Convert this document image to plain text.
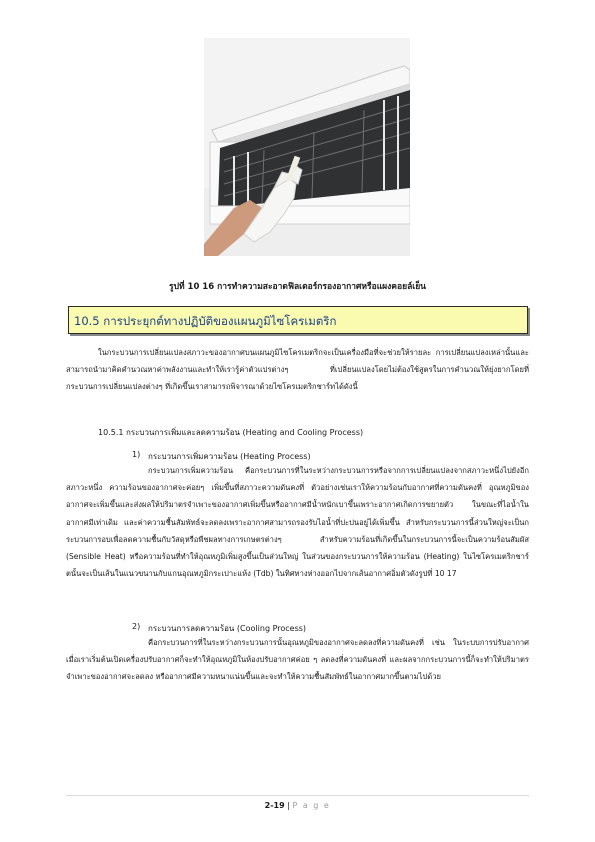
รูปที่ 10 16 การทำความสะอาดฟิลเตอร์กรองอากาศหรือแผงคอยล์เย็น
10.5 การประยุกต์ทางปฏิบัติของแผนภูมิไซโครเมตริก
ในกระบวนการเปลี่ยนแปลงสภาวะของอากาศบนแผนภูมิไซโครเมตริกจะเป็นเครื่องมือที่จะช่วยให้รายละ การเปลี่ยนแปลงเหล่านั้นและสามารถนำมาคิดคำนวณหาค่าพลังงานและทำให้เรารู้ค่าตัวแปรต่างๆ ที่เปลี่ยนแปลงโดยไม่ต้องใช้สูตรในการคำนวณให้ยุ่งยากโดยที่กระบวนการเปลี่ยนแปลงต่างๆ ที่เกิดขึ้นเราสามารถพิจารณาด้วยไซโครเมตริกชาร์ทได้ดังนี้
10.5.1 กระบวนการเพิ่มและลดความร้อน (Heating and Cooling Process)
1) กระบวนการเพิ่มความร้อน (Heating Process)
กระบวนการเพิ่มความร้อน คือกระบวนการที่ในระหว่างกระบวนการหรือจากการเปลี่ยนแปลงจากสภาวะหนึ่งไปยังอีกสภาวะหนึ่ง ความร้อนของอากาศจะค่อยๆ เพิ่มขึ้นที่สภาวะความดันคงที่ ตัวอย่างเช่นเราให้ความร้อนกับอากาศที่ความดันคงที่ อุณหภูมิของอากาศจะเพิ่มขึ้นและส่งผลให้ปริมาตรจำเพาะของอากาศเพิ่มขึ้นหรืออากาศมีน้ำหนักเบาขึ้นเพราะอากาศเกิดการขยายตัว ในขณะที่ไอน้ำในอากาศมีเท่าเดิม และค่าความชื้นสัมพัทธ์จะลดลงเพราะอากาศสามารถรองรับไอน้ำที่ปะปนอยู่ได้เพิ่มขึ้น สำหรับกระบวนการนี้ส่วนใหญ่จะเป็นกระบวนการอบเพื่อลดความชื้นกับวัสดุหรือพืชผลทางการเกษตรต่างๆ สำหรับความร้อนที่เกิดขึ้นในกระบวนการนี้จะเป็นความร้อนสัมผัส (Sensible Heat) หรือความร้อนที่ทำให้อุณหภูมิเพิ่มสูงขึ้นเป็นส่วนใหญ่ ในส่วนของกระบวนการให้ความร้อน (Heating) ในไซโครเมตริกชาร์ตนั้นจะเป็นเส้นในแนวขนานกับแกนอุณหภูมิกระเปาะแห้ง (Tdb) ในทิศทางห่างออกไปจากเส้นอากาศอิ่มตัวดังรูปที่ 10 17
2) กระบวนการลดความร้อน (Cooling Process)
คือกระบวนการที่ในระหว่างกระบวนการนั้นอุณหภูมิของอากาศจะลดลงที่ความดันคงที่ เช่น ในระบบการปรับอากาศ เมื่อเราเริ่มต้นเปิดเครื่องปรับอากาศก็จะทำให้อุณหภูมิในห้องปรับอากาศค่อย ๆ ลดลงที่ความดันคงที่ และผลจากกระบวนการนี้ก็จะทำให้ปริมาตรจำเพาะของอากาศจะลดลง หรืออากาศมีความหนาแน่นขึ้นและจะทำให้ความชื้นสัมพัทธ์ในอากาศมากขึ้นตามไปด้วย
2-19 | P a g e
